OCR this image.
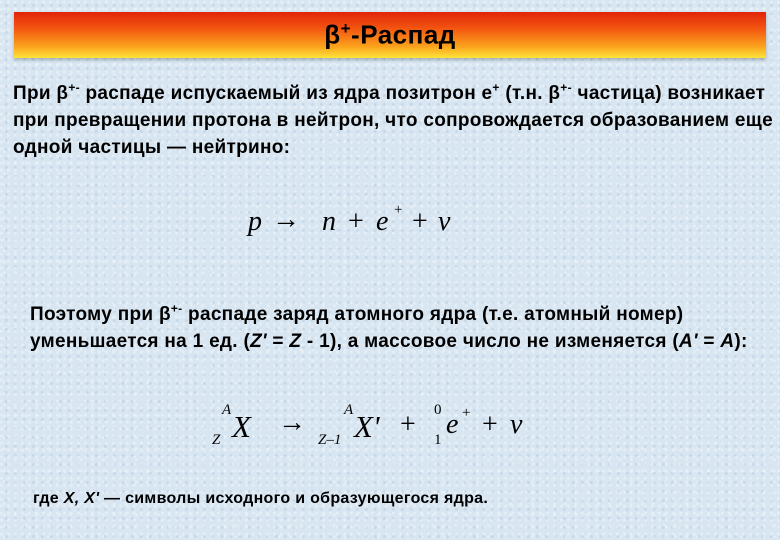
β+-Распад
При β+- распаде испускаемый из ядра позитрон e+ (т.н. β+- частица) возникает при превращении протона в нейтрон, что сопровождается образованием еще одной частицы — нейтрино:
p → n + e + + ν
Поэтому при β+- распаде заряд атомного ядра (т.е. атомный номер) уменьшается на 1 ед. (Z' = Z - 1), а массовое число не изменяется (A' = A):
A
Z X →	A
Z–1 X' + 0
1 e + + ν
где X, X' — символы исходного и образующегося ядра.
